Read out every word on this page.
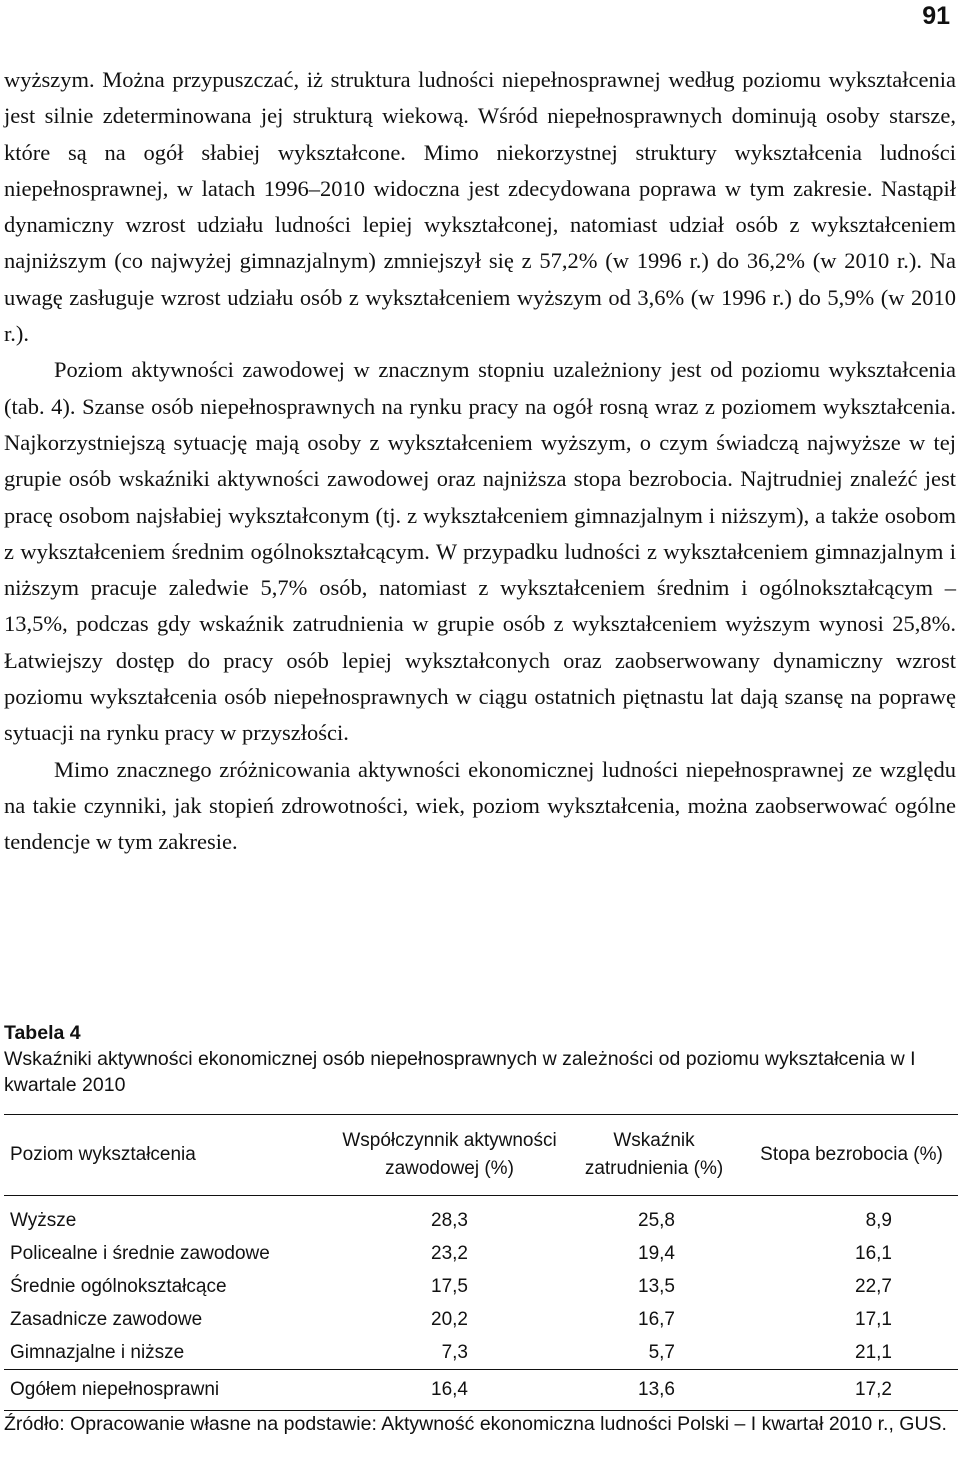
91

wyższym. Można przypuszczać, iż struktura ludności niepełnosprawnej według poziomu wykształcenia jest silnie zdeterminowana jej strukturą wiekową. Wśród niepełnosprawnych dominują osoby starsze, które są na ogół słabiej wykształcone. Mimo niekorzystnej struktury wykształcenia ludności niepełnosprawnej, w latach 1996–2010 widoczna jest zdecydowana poprawa w tym zakresie. Nastąpił dynamiczny wzrost udziału ludności lepiej wykształconej, natomiast udział osób z wykształceniem najniższym (co najwyżej gimnazjalnym) zmniejszył się z 57,2% (w 1996 r.) do 36,2% (w 2010 r.). Na uwagę zasługuje wzrost udziału osób z wykształceniem wyższym od 3,6% (w 1996 r.) do 5,9% (w 2010 r.).

Poziom aktywności zawodowej w znacznym stopniu uzależniony jest od poziomu wykształcenia (tab. 4). Szanse osób niepełnosprawnych na rynku pracy na ogół rosną wraz z poziomem wykształcenia. Najkorzystniejszą sytuację mają osoby z wykształceniem wyższym, o czym świadczą najwyższe w tej grupie osób wskaźniki aktywności zawodowej oraz najniższa stopa bezrobocia. Najtrudniej znaleźć jest pracę osobom najsłabiej wykształconym (tj. z wykształceniem gimnazjalnym i niższym), a także osobom z wykształceniem średnim ogólnokształcącym. W przypadku ludności z wykształceniem gimnazjalnym i niższym pracuje zaledwie 5,7% osób, natomiast z wykształceniem średnim i ogólnokształcącym – 13,5%, podczas gdy wskaźnik zatrudnienia w grupie osób z wykształceniem wyższym wynosi 25,8%. Łatwiejszy dostęp do pracy osób lepiej wykształconych oraz zaobserwowany dynamiczny wzrost poziomu wykształcenia osób niepełnosprawnych w ciągu ostatnich piętnastu lat dają szansę na poprawę sytuacji na rynku pracy w przyszłości.

Mimo znacznego zróżnicowania aktywności ekonomicznej ludności niepełnosprawnej ze względu na takie czynniki, jak stopień zdrowotności, wiek, poziom wykształcenia, można zaobserwować ogólne tendencje w tym zakresie.

Tabela 4
Wskaźniki aktywności ekonomicznej osób niepełnosprawnych w zależności od poziomu wykształcenia w I kwartale 2010
Poziom wykształcenia	Współczynnik aktywności zawodowej (%)	Wskaźnik zatrudnienia (%)	Stopa bezrobocia (%)
Wyższe	28,3	25,8	8,9
Policealne i średnie zawodowe	23,2	19,4	16,1
Średnie ogólnokształcące	17,5	13,5	22,7
Zasadnicze zawodowe	20,2	16,7	17,1
Gimnazjalne i niższe	7,3	5,7	21,1
Ogółem niepełnosprawni	16,4	13,6	17,2
Źródło: Opracowanie własne na podstawie: Aktywność ekonomiczna ludności Polski – I kwartał 2010 r., GUS.
